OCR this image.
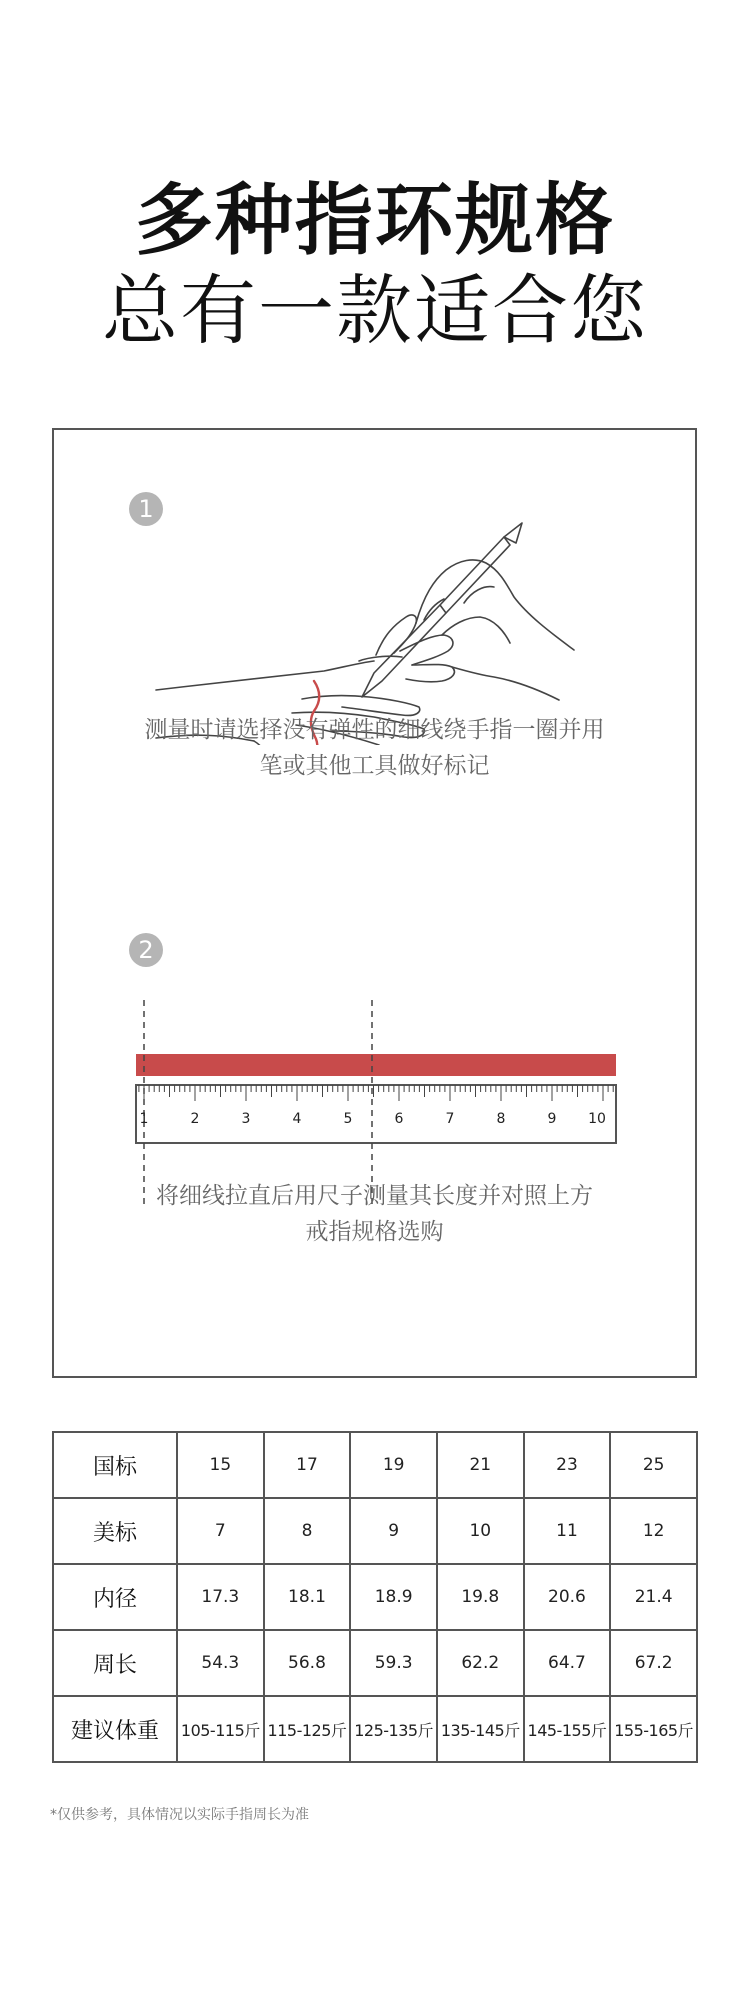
多种指环规格
总有一款适合您
1
测量时请选择没有弹性的细线绕手指一圈并用
笔或其他工具做好标记
2
1	2	3	4	5	6	7	8	9 10
将细线拉直后用尺子测量其长度并对照上方
戒指规格选购
国标	15	17	19	21	23	25
美标	7	8	9	10	11	12
内径	17.3	18.1	18.9	19.8	20.6	21.4
周长	54.3	56.8	59.3	62.2	64.7	67.2
建议体重	105-115斤	115-125斤	125-135斤	135-145斤	145-155斤	155-165斤
*仅供参考，具体情况以实际手指周长为准
